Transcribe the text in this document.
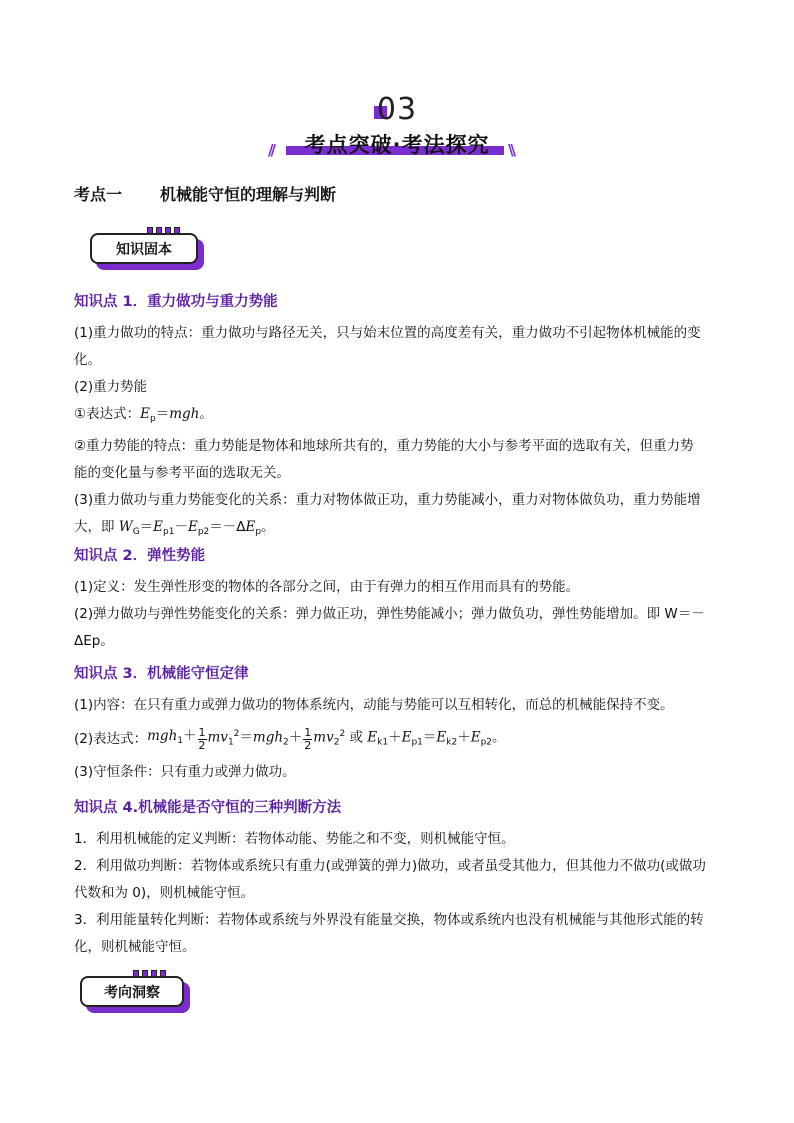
03
//	考点突破·考法探究	\\
考点一 机械能守恒的理解与判断
知识固本
知识点 1．重力做功与重力势能
(1)重力做功的特点：重力做功与路径无关，只与始末位置的高度差有关，重力做功不引起物体机械能的变
化。
(2)重力势能
①表达式：$E_p=mgh$。
②重力势能的特点：重力势能是物体和地球所共有的，重力势能的大小与参考平面的选取有关，但重力势
能的变化量与参考平面的选取无关。
(3)重力做功与重力势能变化的关系：重力对物体做正功，重力势能减小，重力对物体做负功，重力势能增
大，即 $W_G=E_{p1}-E_{p2}=-\Delta E_p$。
知识点 2．弹性势能
(1)定义：发生弹性形变的物体的各部分之间，由于有弹力的相互作用而具有的势能。
(2)弹力做功与弹性势能变化的关系：弹力做正功，弹性势能减小；弹力做负功，弹性势能增加。即 W＝－
ΔEp。
知识点 3．机械能守恒定律
(1)内容：在只有重力或弹力做功的物体系统内，动能与势能可以互相转化，而总的机械能保持不变。
(2)表达式： $mgh_1+ \frac{1}{2} mv_1^2=mgh_2+ \frac{1}{2} mv_2^2$ 或 $E_{k1}+E_{p1}=E_{k2}+E_{p2}$。
(3)守恒条件：只有重力或弹力做功。
知识点 4.机械能是否守恒的三种判断方法
1．利用机械能的定义判断：若物体动能、势能之和不变，则机械能守恒。
2．利用做功判断：若物体或系统只有重力(或弹簧的弹力)做功，或者虽受其他力，但其他力不做功(或做功
代数和为 0)，则机械能守恒。
3．利用能量转化判断：若物体或系统与外界没有能量交换，物体或系统内也没有机械能与其他形式能的转
化，则机械能守恒。
考向洞察
